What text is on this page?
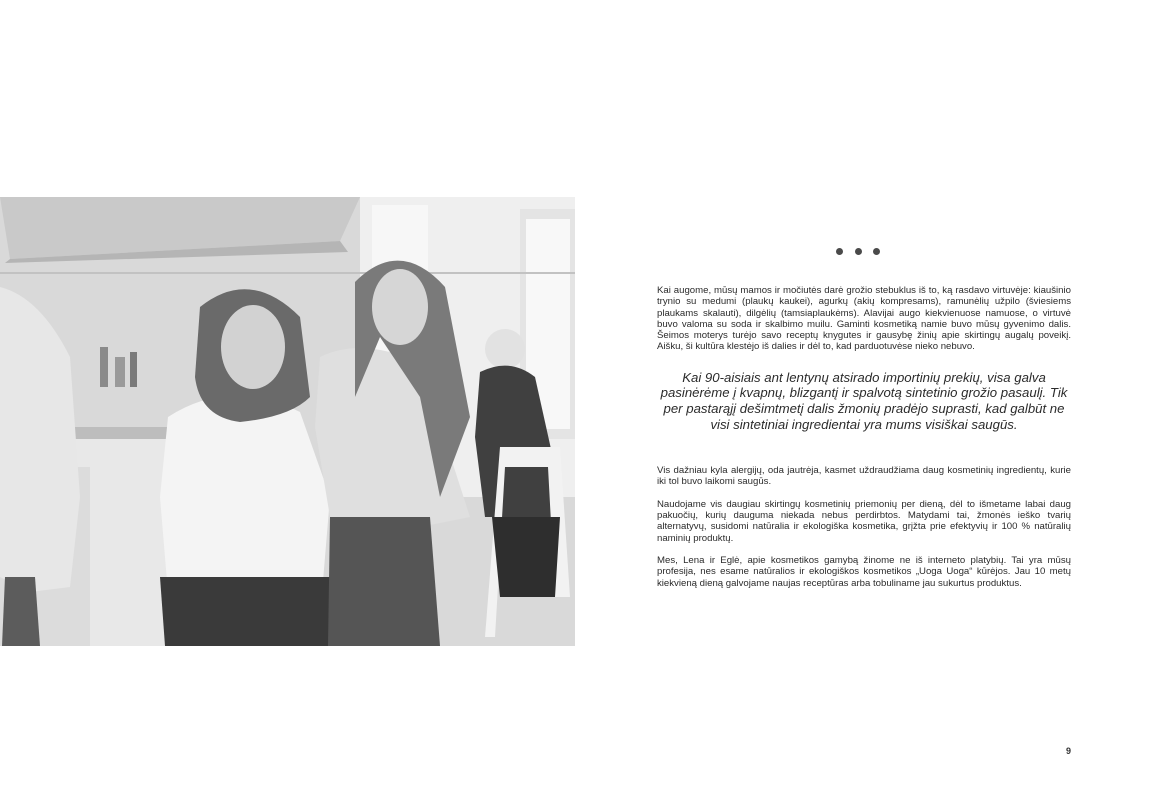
Kai augome, mūsų mamos ir močiutės darė grožio stebuklus iš to, ką rasdavo virtuvėje: kiaušinio trynio su medumi (plaukų kaukei), agurkų (akių kompresams), ramunėlių užpilo (šviesiems plaukams skalauti), dilgėlių (tamsiaplaukėms). Alavijai augo kiekvienuose namuose, o virtuvė buvo valoma su soda ir skalbimo muilu. Gaminti kosmetiką namie buvo mūsų gyvenimo dalis. Šeimos moterys turėjo savo receptų knygutes ir gausybę žinių apie skirtingų augalų poveikį. Aišku, ši kultūra klestėjo iš dalies ir dėl to, kad parduotuvėse nieko nebuvo.

Kai 90-aisiais ant lentynų atsirado importinių prekių, visa galva pasinėrėme į kvapnų, blizgantį ir spalvotą sintetinio grožio pasaulį. Tik per pastarąjį dešimtmetį dalis žmonių pradėjo suprasti, kad galbūt ne visi sintetiniai ingredientai yra mums visiškai saugūs.

Vis dažniau kyla alergijų, oda jautrėja, kasmet uždraudžiama daug kosmetinių ingredientų, kurie iki tol buvo laikomi saugūs.

Naudojame vis daugiau skirtingų kosmetinių priemonių per dieną, dėl to išmetame labai daug pakuočių, kurių dauguma niekada nebus perdirbtos. Matydami tai, žmonės ieško tvarių alternatyvų, susidomi natūralia ir ekologiška kosmetika, grįžta prie efektyvių ir 100 % natūralių naminių produktų.

Mes, Lena ir Eglė, apie kosmetikos gamybą žinome ne iš interneto platybių. Tai yra mūsų profesija, nes esame natūralios ir ekologiškos kosmetikos „Uoga Uoga“ kūrėjos. Jau 10 metų kiekvieną dieną galvojame naujas receptūras arba tobuliname jau sukurtus produktus.

9
